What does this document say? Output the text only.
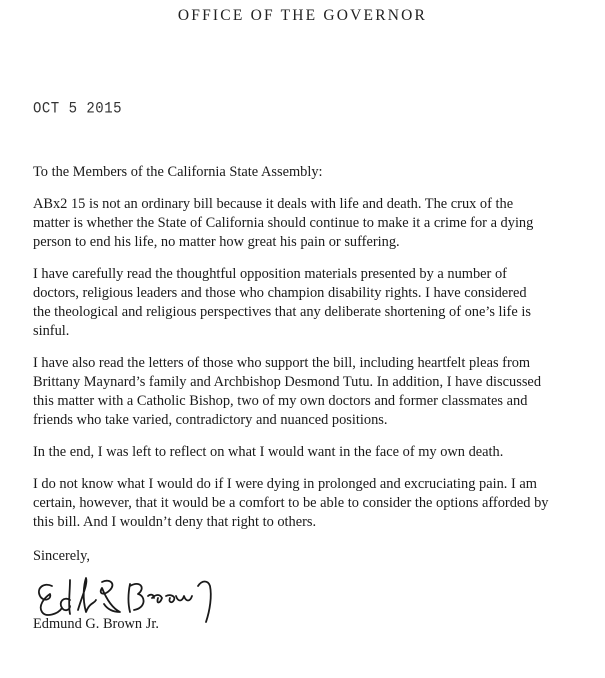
OFFICE OF THE GOVERNOR
OCT 5 2015

To the Members of the California State Assembly:

ABx2 15 is not an ordinary bill because it deals with life and death. The crux of the
matter is whether the State of California should continue to make it a crime for a dying
person to end his life, no matter how great his pain or suffering.

I have carefully read the thoughtful opposition materials presented by a number of
doctors, religious leaders and those who champion disability rights. I have considered
the theological and religious perspectives that any deliberate shortening of one’s life is
sinful.

I have also read the letters of those who support the bill, including heartfelt pleas from
Brittany Maynard’s family and Archbishop Desmond Tutu. In addition, I have discussed
this matter with a Catholic Bishop, two of my own doctors and former classmates and
friends who take varied, contradictory and nuanced positions.

In the end, I was left to reflect on what I would want in the face of my own death.

I do not know what I would do if I were dying in prolonged and excruciating pain. I am
certain, however, that it would be a comfort to be able to consider the options afforded by
this bill. And I wouldn’t deny that right to others.

Sincerely,
Edmund G. Brown Jr.
